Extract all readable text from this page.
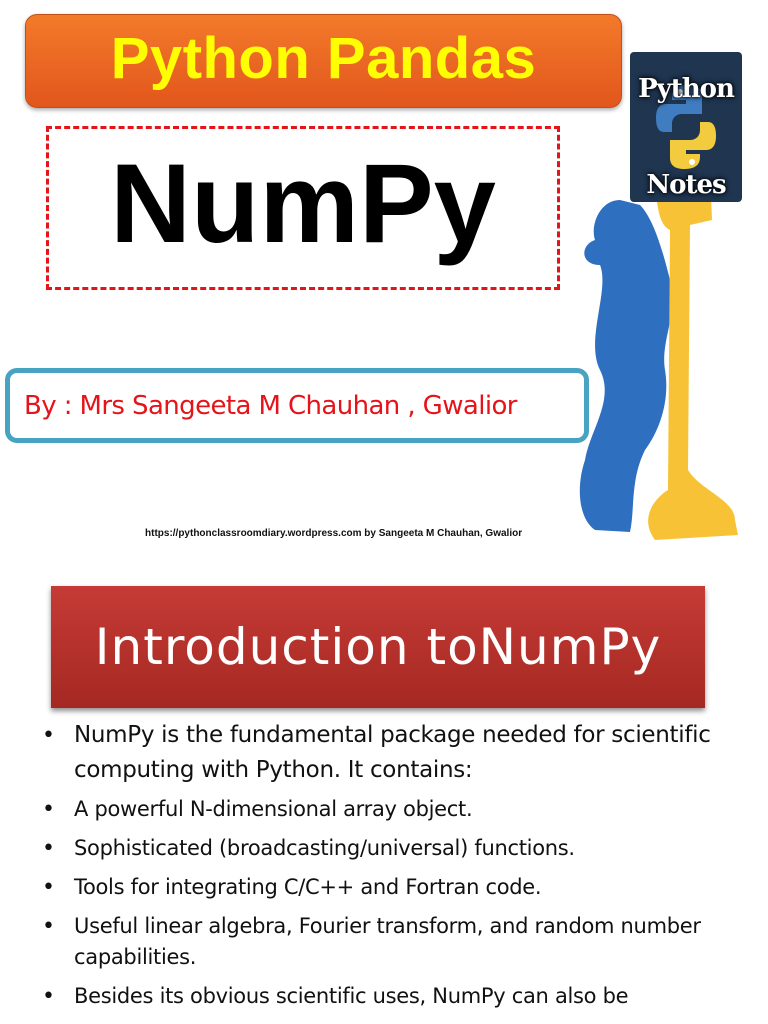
Python Pandas
NumPy
Python
Notes
By : Mrs Sangeeta M Chauhan , Gwalior
https://pythonclassroomdiary.wordpress.com by Sangeeta M Chauhan, Gwalior
Introduction toNumPy
• NumPy is the fundamental package needed for scientific computing with Python. It contains:
• A powerful N-dimensional array object.
• Sophisticated (broadcasting/universal) functions.
• Tools for integrating C/C++ and Fortran code.
• Useful linear algebra, Fourier transform, and random number capabilities.
• Besides its obvious scientific uses, NumPy can also be
